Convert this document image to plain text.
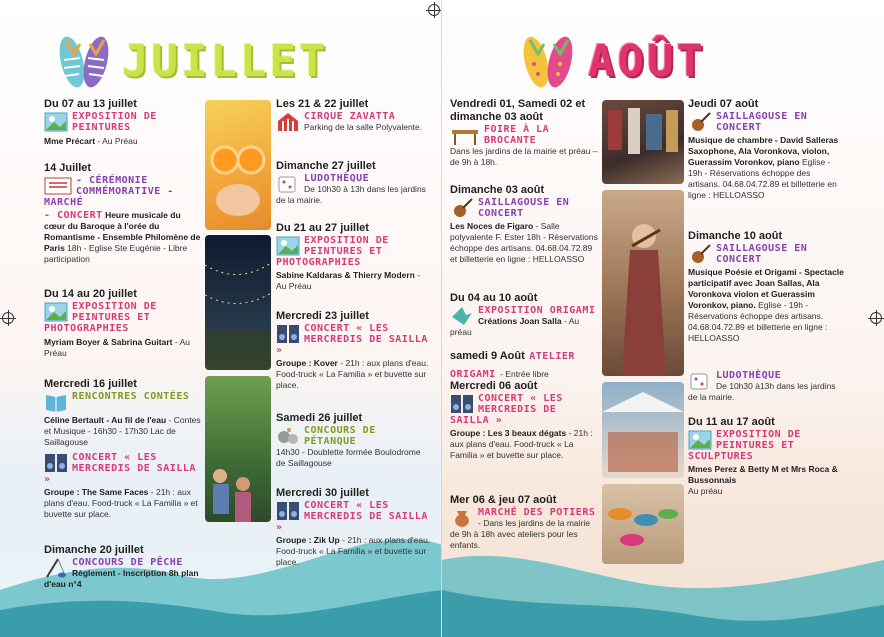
JUILLET
Du 07 au 13 juillet
EXPOSITION DE PEINTURES
Mme Précart - Au Préau
14 Juillet
- CÉRÉMONIE COMMÉMORATIVE - MARCHÉ
- CONCERT Heure musicale du cœur du Baroque à l'orée du Romantisme - Ensemble Philomène de Paris 18h - Eglise Ste Eugénie - Libre participation
Du 14 au 20 juillet
EXPOSITION DE PEINTURES ET PHOTOGRAPHIES
Myriam Boyer & Sabrina Guitart - Au Préau
Mercredi 16 juillet
RENCONTRES CONTÉES
Céline Bertault - Au fil de l'eau - Contes et Musique - 16h30 - 17h30 Lac de Saillagouse
CONCERT « LES MERCREDIS DE SAILLA »
Groupe : The Same Faces - 21h : aux plans d'eau. Food-truck « La Familia » et buvette sur place.
Dimanche 20 juillet
CONCOURS DE PÊCHE
Règlement - Inscription 8h plan d'eau n°4
Les 21 & 22 juillet
CIRQUE ZAVATTA
Parking de la salle Polyvalente.
Dimanche 27 juillet
LUDOTHÈQUE
De 10h30 à 13h dans les jardins de la mairie.
Du 21 au 27 juillet
EXPOSITION DE PEINTURES ET PHOTOGRAPHIES
Sabine Kaldaras & Thierry Modern - Au Préau
Mercredi 23 juillet
CONCERT « LES MERCREDIS DE SAILLA »
Groupe : Kover - 21h : aux plans d'eau. Food-truck « La Familia » et buvette sur place.
Samedi 26 juillet
CONCOURS DE PÉTANQUE
14h30 - Doublette formée Boulodrome de Saillagouse
Mercredi 30 juillet
CONCERT « LES MERCREDIS DE SAILLA »
Groupe : Zik Up - 21h : aux plans d'eau. Food-truck « La Familia » et buvette sur place.
AOÛT
Vendredi 01, Samedi 02 et dimanche 03 août
FOIRE À LA BROCANTE
Dans les jardins de la mairie et préau – de 9h à 18h.
Dimanche 03 août
SAILLAGOUSE EN CONCERT
Les Noces de Figaro - Salle polyvalente F. Ester 18h - Réservations échoppe des artisans. 04.68.04.72.89 et billetterie en ligne : HELLOASSO
Du 04 au 10 août
EXPOSITION ORIGAMI
Créations Joan Salla - Au préau
samedi 9 Août ATELIER ORIGAMI - Entrée libre
Mercredi 06 août
CONCERT « LES MERCREDIS DE SAILLA »
Groupe : Les 3 beaux dégats - 21h : aux plans d'eau. Food-truck « La Familia » et buvette sur place.
Mer 06 & jeu 07 août
MARCHÉ DES POTIERS
- Dans les jardins de la mairie de 9h à 18h avec ateliers pour les enfants.
Jeudi 07 août
SAILLAGOUSE EN CONCERT
Musique de chambre - David Salleras Saxophone, Ala Voronkova, violon, Guerassim Voronkov, piano Eglise - 19h - Réservations échoppe des artisans. 04.68.04.72.89 et billetterie en ligne : HELLOASSO
Dimanche 10 août
SAILLAGOUSE EN CONCERT
Musique Poésie et Origami - Spectacle participatif avec Joan Sallas, Ala Voronkova violon et Guerassim Voronkov, piano. Eglise - 19h - Réservations échoppe des artisans. 04.68.04.72.89 et billetterie en ligne : HELLOASSO
LUDOTHÈQUE
De 10h30 à13h dans les jardins de la mairie.
Du 11 au 17 août
EXPOSITION DE PEINTURES ET SCULPTURES
Mmes Perez & Betty M et Mrs Roca & Bussonnais
Au préau
